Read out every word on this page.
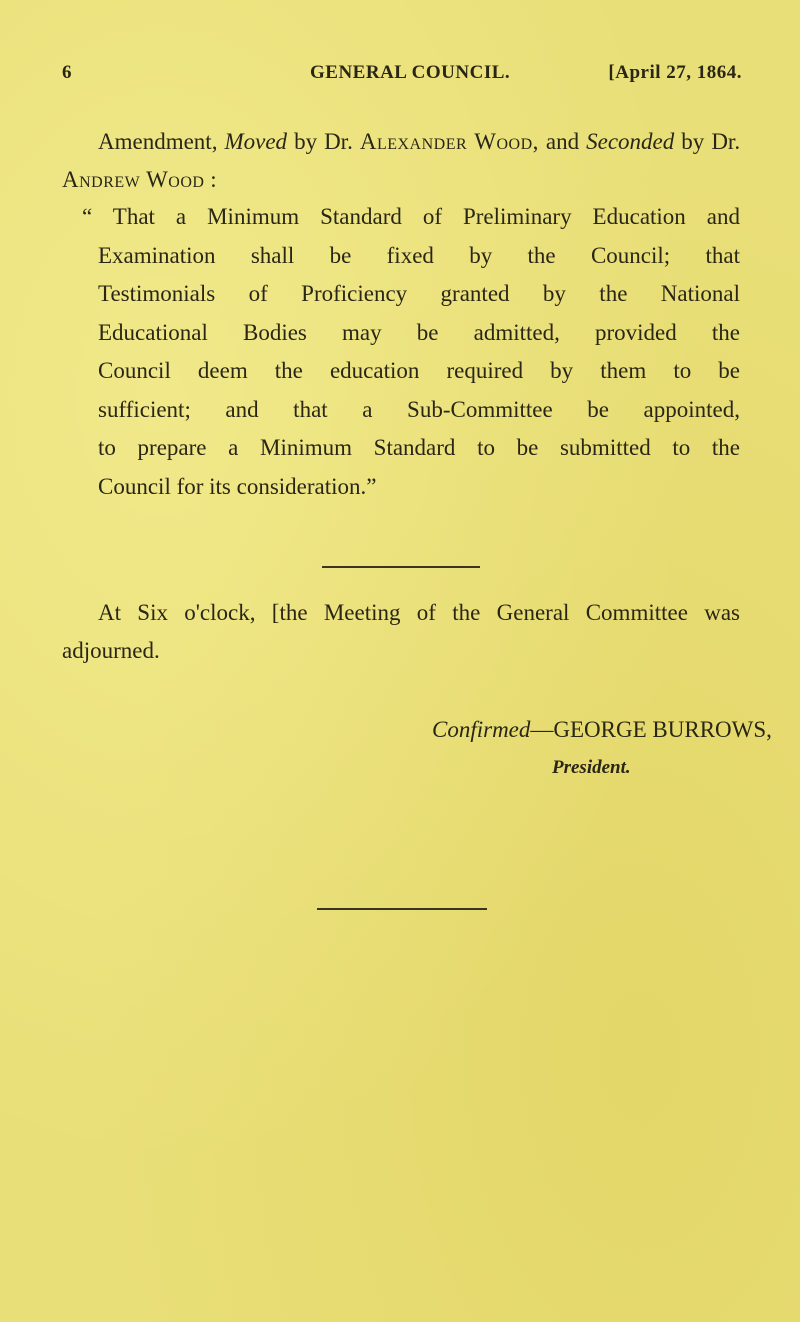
6	GENERAL COUNCIL.	[April 27, 1864.
Amendment, Moved by Dr. Alexander Wood, and Seconded by Dr. Andrew Wood :
“ That a Minimum Standard of Preliminary Education and
Examination shall be fixed by the Council; that
Testimonials of Proficiency granted by the National
Educational Bodies may be admitted, provided the
Council deem the education required by them to be
sufficient; and that a Sub-Committee be appointed,
to prepare a Minimum Standard to be submitted to the
Council for its consideration.”
At Six o'clock, [the Meeting of the General Committee was
adjourned.
Confirmed—GEORGE BURROWS,
President.
